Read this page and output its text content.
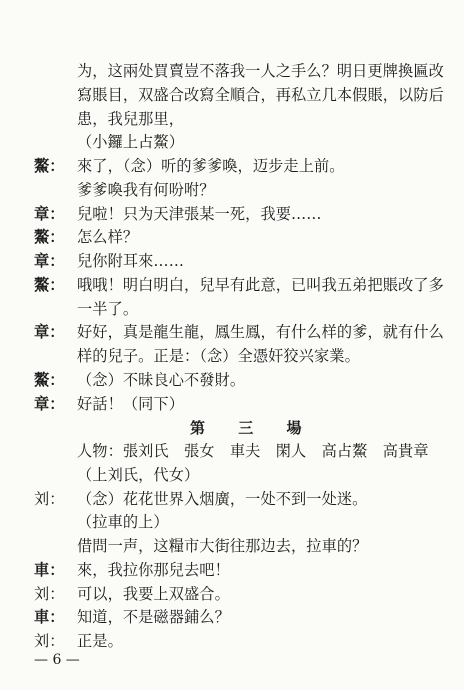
为，这兩处買賣豈不落我一人之手么？明日更牌換匾改
寫賬目，双盛合改寫全順合，再私立几本假賬，以防后
患，我兒那里，
（小鑼上占鰲）
鰲： 來了，（念）听的爹爹喚，迈步走上前。
爹爹喚我有何吩咐？
章： 兒啦！只为天津張某一死，我要……
鰲： 怎么样？
章： 兒你附耳來……
鰲： 哦哦！明白明白，兒早有此意，已叫我五弟把賬改了多
一半了。
章： 好好，真是龍生龍，鳳生鳳，有什么样的爹，就有什么
样的兒子。正是：（念）全憑奸狡兴家業。
鰲： （念）不昧良心不發財。
章： 好話！（同下）
第 三 場
人物：張刘氏　張女　車夫　閑人　高占鰲　高貴章
（上刘氏，代女）
刘： （念）花花世界入烟廣，一处不到一处迷。
（拉車的上）
借問一声，这糧市大街往那边去，拉車的？
車： 來，我拉你那兒去吧！
刘： 可以，我要上双盛合。
車： 知道，不是磁器鋪么？
刘： 正是。
— 6 —
